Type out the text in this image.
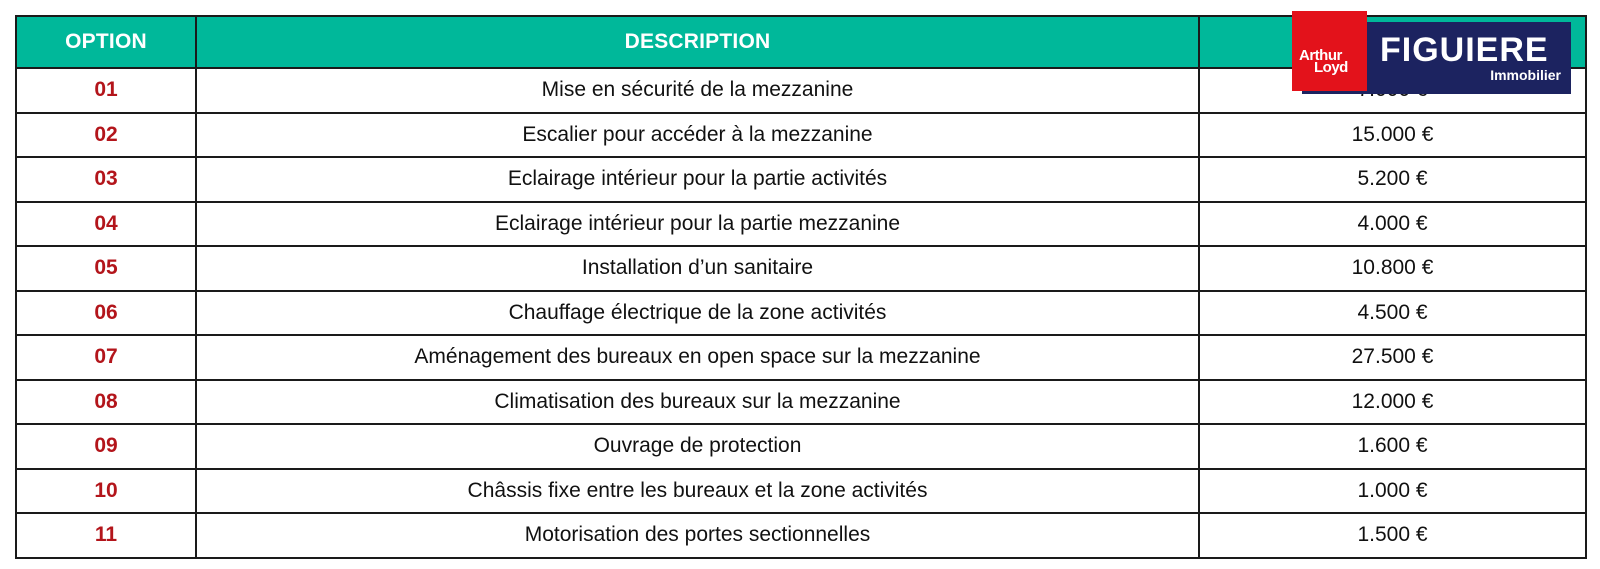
OPTION	DESCRIPTION	
01	Mise en sécurité de la mezzanine	
02	Escalier pour accéder à la mezzanine	15.000 €
03	Eclairage intérieur pour la partie activités	5.200 €
04	Eclairage intérieur pour la partie mezzanine	4.000 €
05	Installation d’un sanitaire	10.800 €
06	Chauffage électrique de la zone activités	4.500 €
07	Aménagement des bureaux en open space sur la mezzanine	27.500 €
08	Climatisation des bureaux sur la mezzanine	12.000 €
09	Ouvrage de protection	1.600 €
10	Châssis fixe entre les bureaux et la zone activités	1.000 €
11	Motorisation des portes sectionnelles	1.500 €
Arthur
Loyd FIGUIERE
Immobilier
